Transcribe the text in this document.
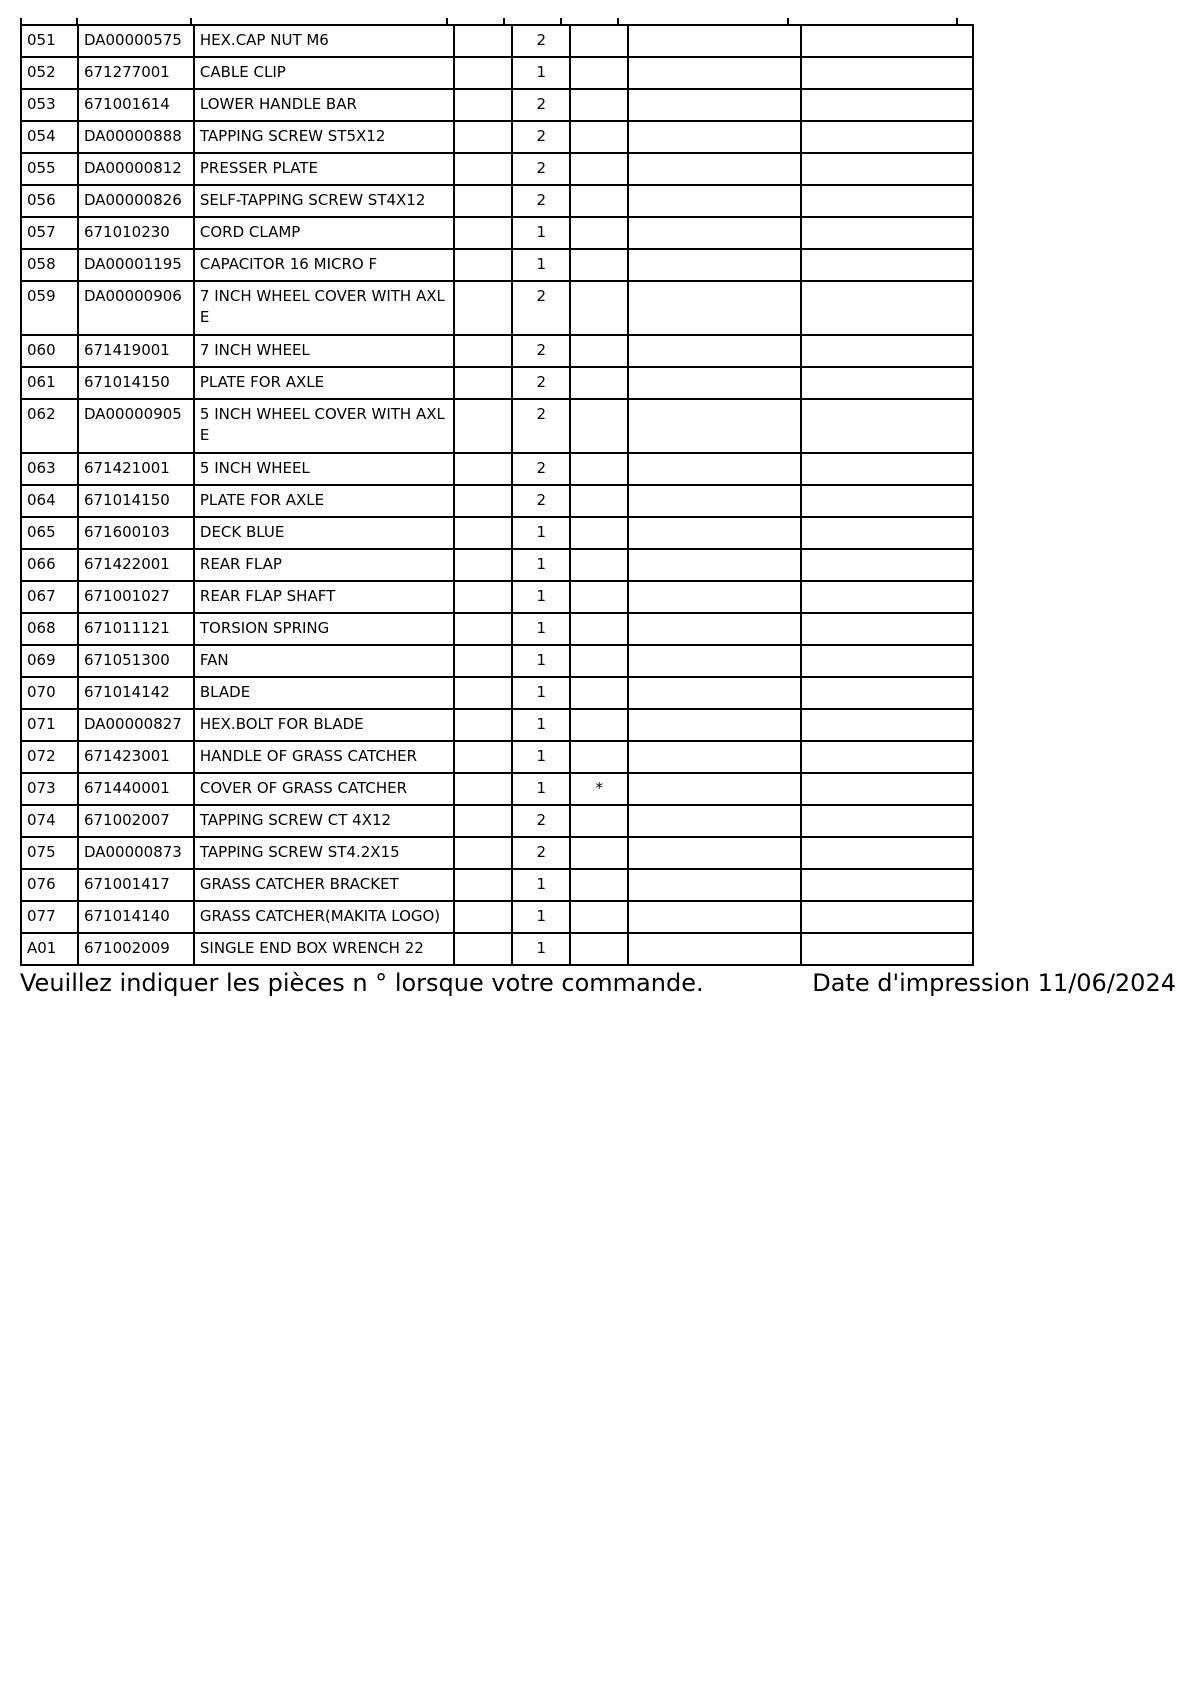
051	DA00000575	HEX.CAP NUT M6		2			
052	671277001	CABLE CLIP		1			
053	671001614	LOWER HANDLE BAR		2			
054	DA00000888	TAPPING SCREW ST5X12		2			
055	DA00000812	PRESSER PLATE		2			
056	DA00000826	SELF-TAPPING SCREW ST4X12		2			
057	671010230	CORD CLAMP		1			
058	DA00001195	CAPACITOR 16 MICRO F		1			
059	DA00000906	7 INCH WHEEL COVER WITH AXLE		2			
060	671419001	7 INCH WHEEL		2			
061	671014150	PLATE FOR AXLE		2			
062	DA00000905	5 INCH WHEEL COVER WITH AXLE		2			
063	671421001	5 INCH WHEEL		2			
064	671014150	PLATE FOR AXLE		2			
065	671600103	DECK BLUE		1			
066	671422001	REAR FLAP		1			
067	671001027	REAR FLAP SHAFT		1			
068	671011121	TORSION SPRING		1			
069	671051300	FAN		1			
070	671014142	BLADE		1			
071	DA00000827	HEX.BOLT FOR BLADE		1			
072	671423001	HANDLE OF GRASS CATCHER		1			
073	671440001	COVER OF GRASS CATCHER		1	*		
074	671002007	TAPPING SCREW CT 4X12		2			
075	DA00000873	TAPPING SCREW ST4.2X15		2			
076	671001417	GRASS CATCHER BRACKET		1			
077	671014140	GRASS CATCHER(MAKITA LOGO)		1			
A01	671002009	SINGLE END BOX WRENCH 22		1			
Veuillez indiquer les pièces n ° lorsque votre commande.	Date d'impression 11/06/2024
